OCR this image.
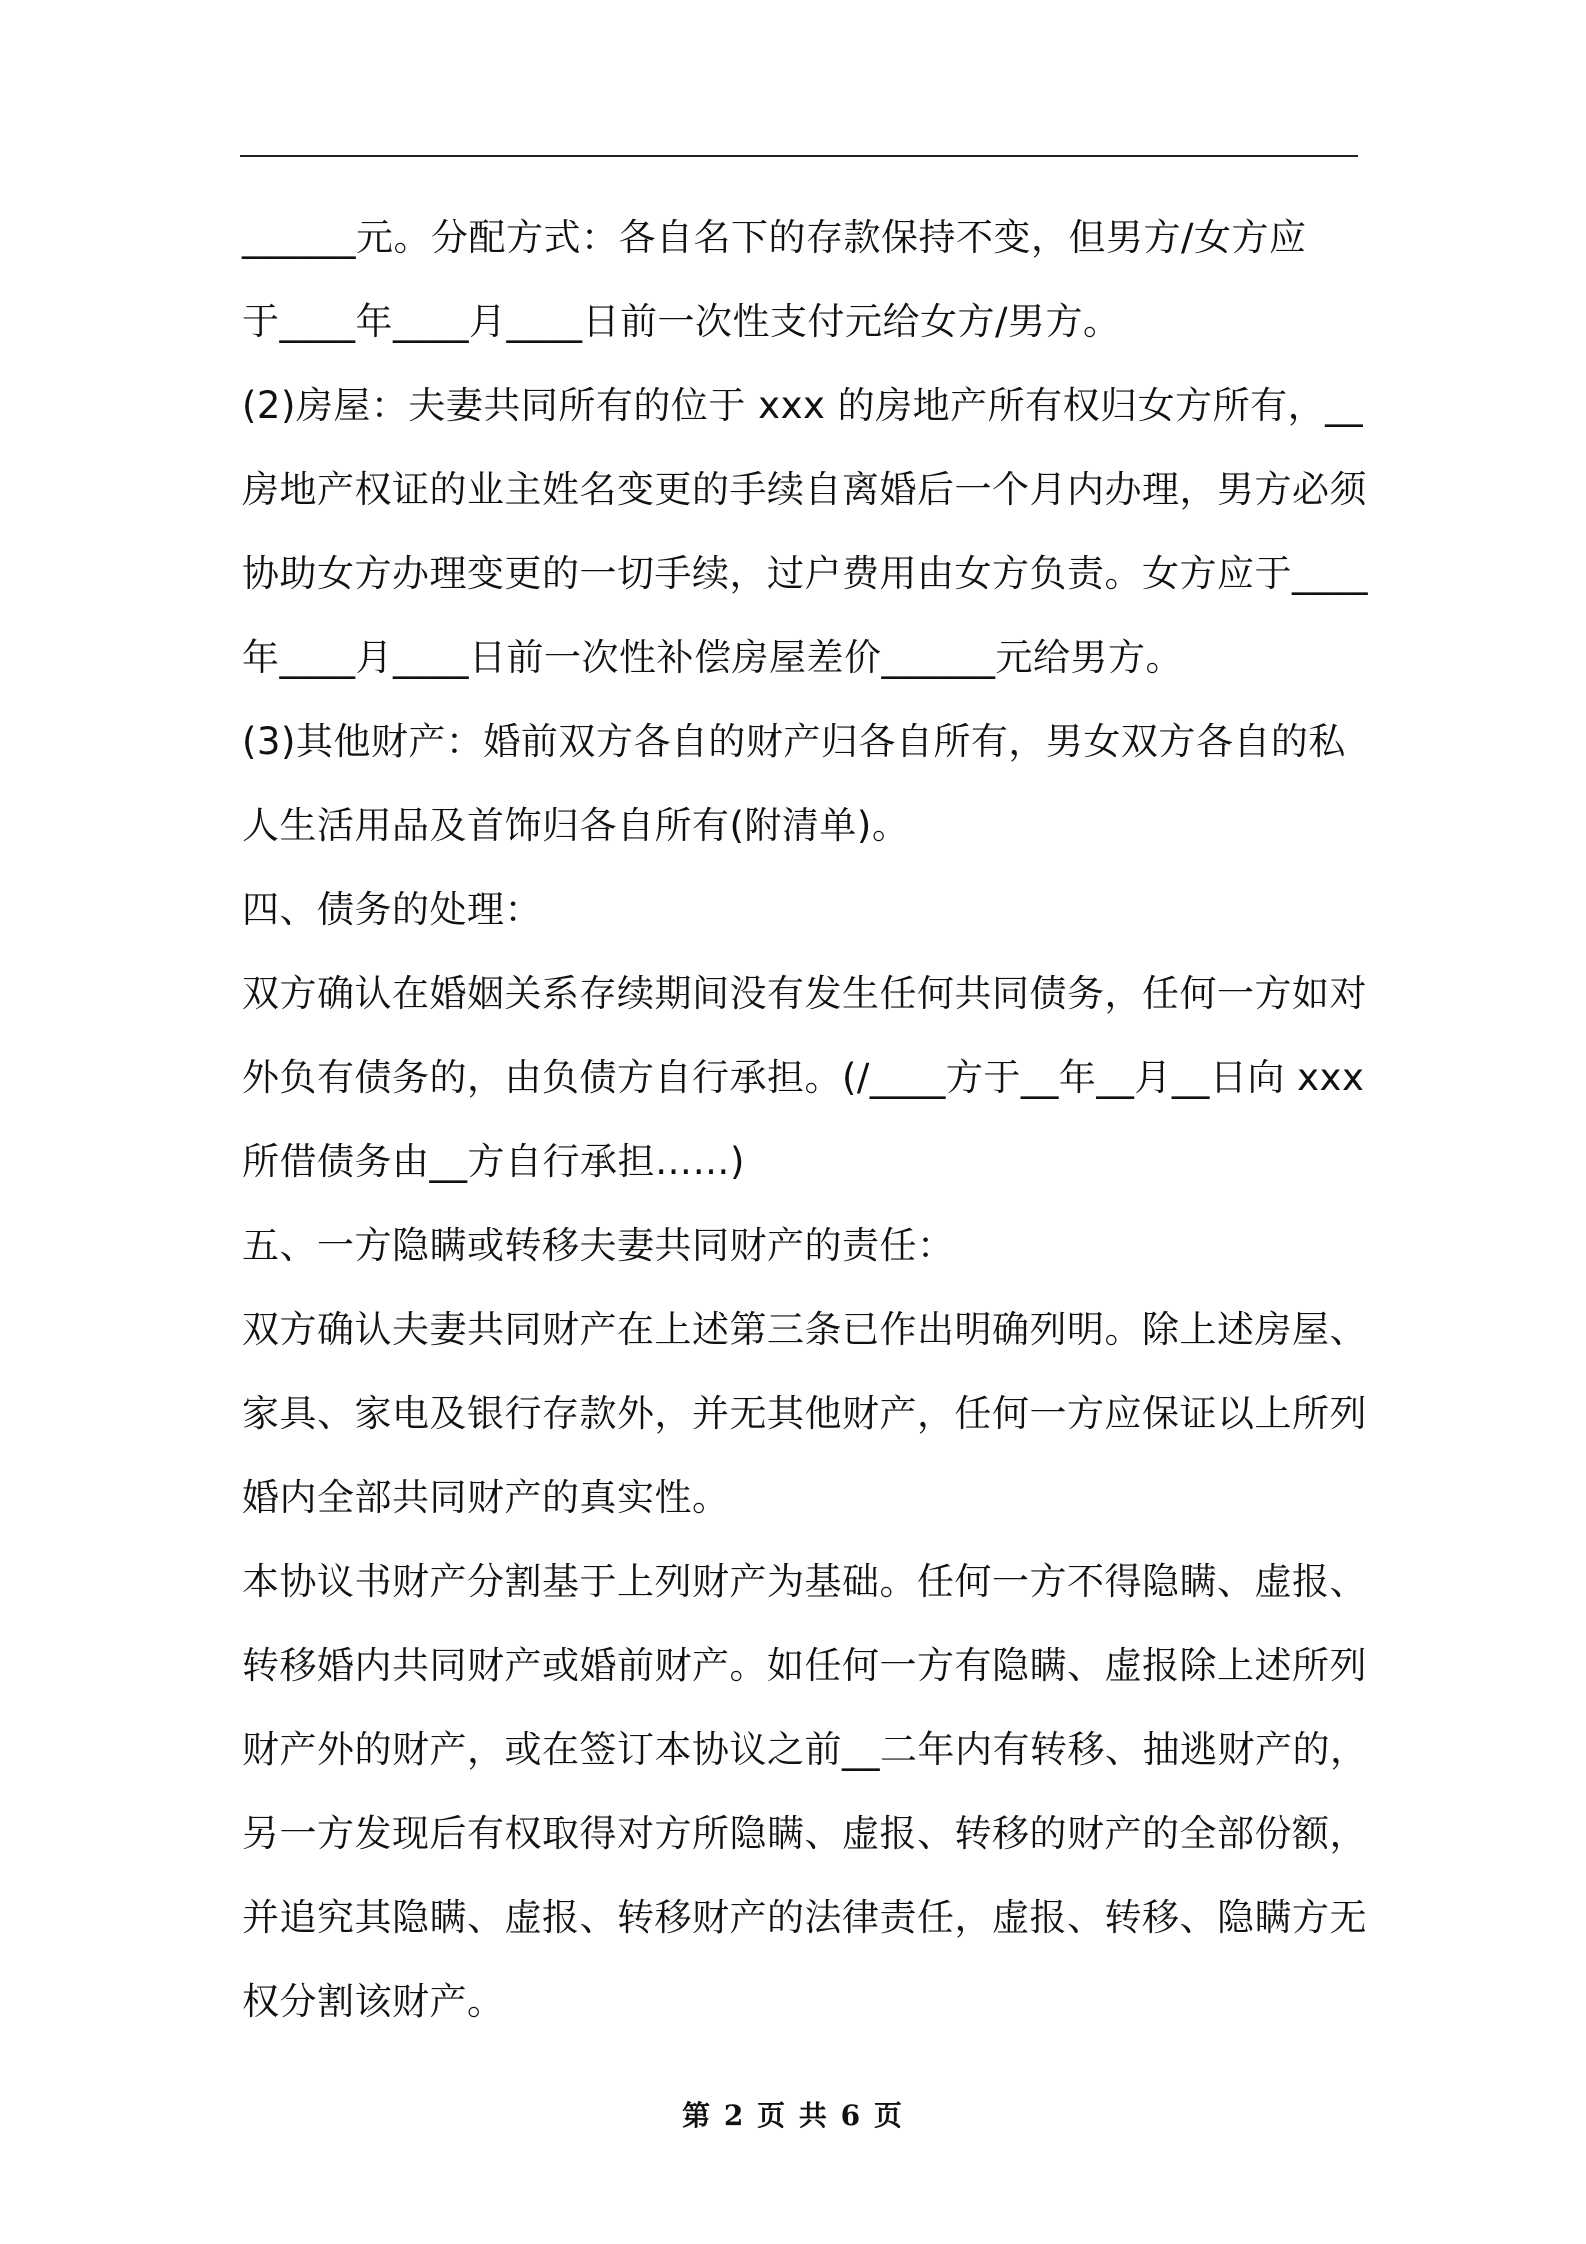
______元。分配方式：各自名下的存款保持不变，但男方/女方应
于____年____月____日前一次性支付元给女方/男方。
(2)房屋：夫妻共同所有的位于 xxx 的房地产所有权归女方所有，__
房地产权证的业主姓名变更的手续自离婚后一个月内办理，男方必须
协助女方办理变更的一切手续，过户费用由女方负责。女方应于____
年____月____日前一次性补偿房屋差价______元给男方。
(3)其他财产：婚前双方各自的财产归各自所有，男女双方各自的私
人生活用品及首饰归各自所有(附清单)。
四、债务的处理：
双方确认在婚姻关系存续期间没有发生任何共同债务，任何一方如对
外负有债务的，由负债方自行承担。(/____方于__年__月__日向 xxx
所借债务由__方自行承担……)
五、一方隐瞒或转移夫妻共同财产的责任：
双方确认夫妻共同财产在上述第三条已作出明确列明。除上述房屋、
家具、家电及银行存款外，并无其他财产，任何一方应保证以上所列
婚内全部共同财产的真实性。
本协议书财产分割基于上列财产为基础。任何一方不得隐瞒、虚报、
转移婚内共同财产或婚前财产。如任何一方有隐瞒、虚报除上述所列
财产外的财产，或在签订本协议之前__二年内有转移、抽逃财产的，
另一方发现后有权取得对方所隐瞒、虚报、转移的财产的全部份额，
并追究其隐瞒、虚报、转移财产的法律责任，虚报、转移、隐瞒方无
权分割该财产。
第 2 页 共 6 页
